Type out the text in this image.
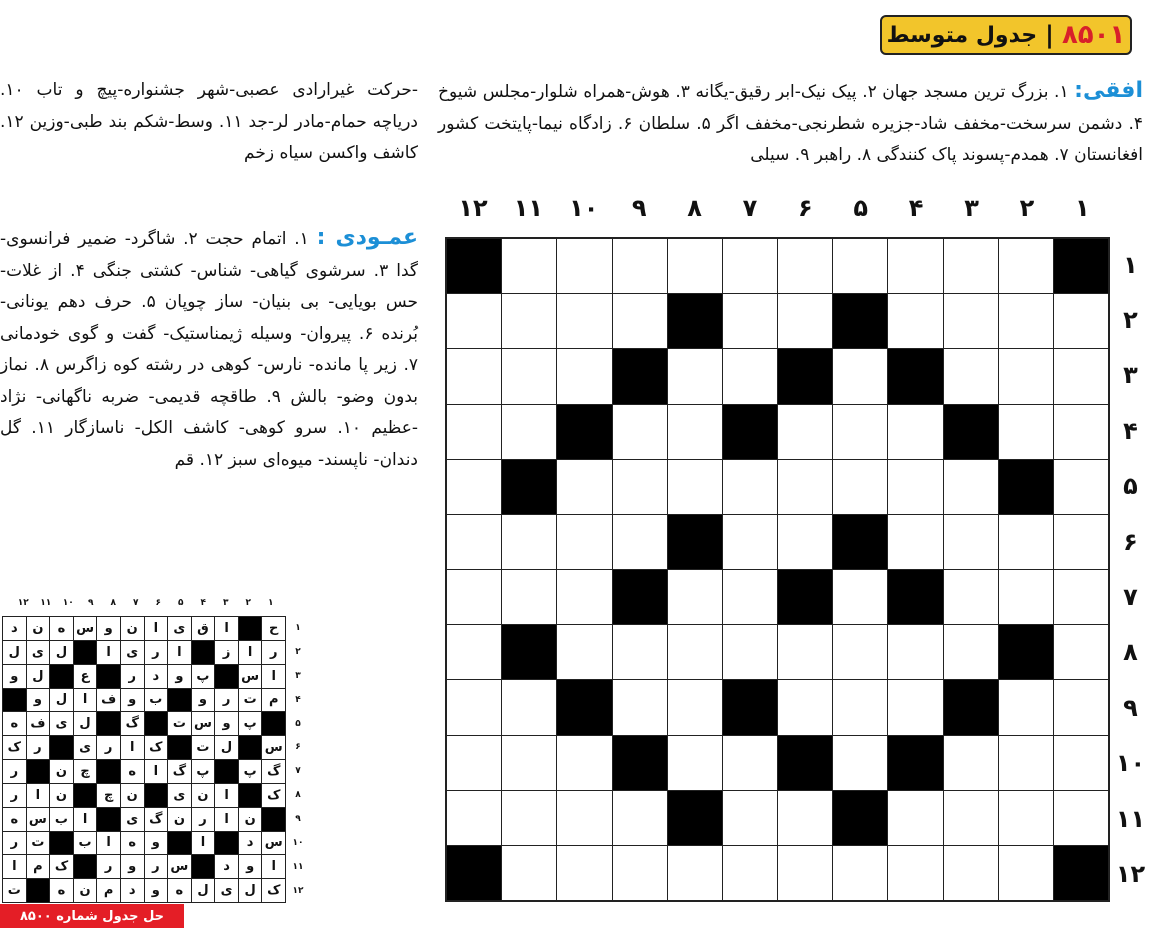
جدول متوسط | ۸۵۰۱
افقی: ۱. بزرگ ترین مسجد جهان ۲. پیک نیک-ابر رقیق-یگانه ۳. هوش-همراه شلوار-مجلس شیوخ ۴. دشمن سرسخت-مخفف شاد-جزیره شطرنجی-مخفف اگر ۵. سلطان ۶. زادگاه نیما-پایتخت کشور افغانستان ۷. همدم-پسوند پاک کنندگی ۸. راهبر ۹. سیلی
-حرکت غیرارادی عصبی-شهر جشنواره-پیچ و تاب ۱۰. دریاچه حمام-مادر لر-جد ۱۱. وسط-شکم بند طبی-وزین ۱۲. کاشف واکسن سیاه زخم
عمـودی : ۱. اتمام حجت ۲. شاگرد- ضمیر فرانسوی- گدا ۳. سرشوی گیاهی- شناس- کشتی جنگی ۴. از غلات- حس بویایی- بی بنیان- ساز چوپان ۵. حرف دهم یونانی- بُرنده ۶. پیروان- وسیله ژیمناستیک- گفت و گوی خودمانی ۷. زیر پا مانده- نارس- کوهی در رشته کوه زاگرس ۸. نماز بدون وضو- بالش ۹. طاقچه قدیمی- ضربه ناگهانی- نژاد -عظیم ۱۰. سرو کوهی- کاشف الکل- ناسازگار ۱۱. گل دندان- ناپسند- میوه‌ای سبز ۱۲. قم
۱
۲
۳
۴
۵
۶
۷
۸
۹
۱۰
۱۱
۱۲
۱
۲
۳
۴
۵
۶
۷
۸
۹
۱۰
۱۱
۱۲
۱
۲
۳
۴
۵
۶
۷
۸
۹
۱۰
۱۱
۱۲
۱
۲
۳
۴
۵
۶
۷
۸
۹
۱۰
۱۱
۱۲
ح
ا
ق
ی
ا
ن
و
س
ه
ن
د
ر
ا
ز
ا
ر
ی
ا
ل
ی
ل
ا
س
پ
و
د
ر
ع
ل
و
م
ت
ر
و
ب
و
ف
ا
ل
و
پ
و
س
ت
گ
ل
ی
ف
ه
س
ل
ت
ک
ا
ر
ی
ر
ک
گ
پ
پ
گ
ا
ه
چ
ن
ر
ک
ا
ن
ی
ن
چ
ن
ا
ر
ن
ا
ر
ن
گ
ی
ا
ب
س
ه
س
د
ا
و
ه
ا
ب
ت
ر
ا
و
د
س
ر
و
ر
ک
م
ا
ک
ل
ی
ل
ه
و
د
م
ن
ه
ت
حل جدول شماره ۸۵۰۰
